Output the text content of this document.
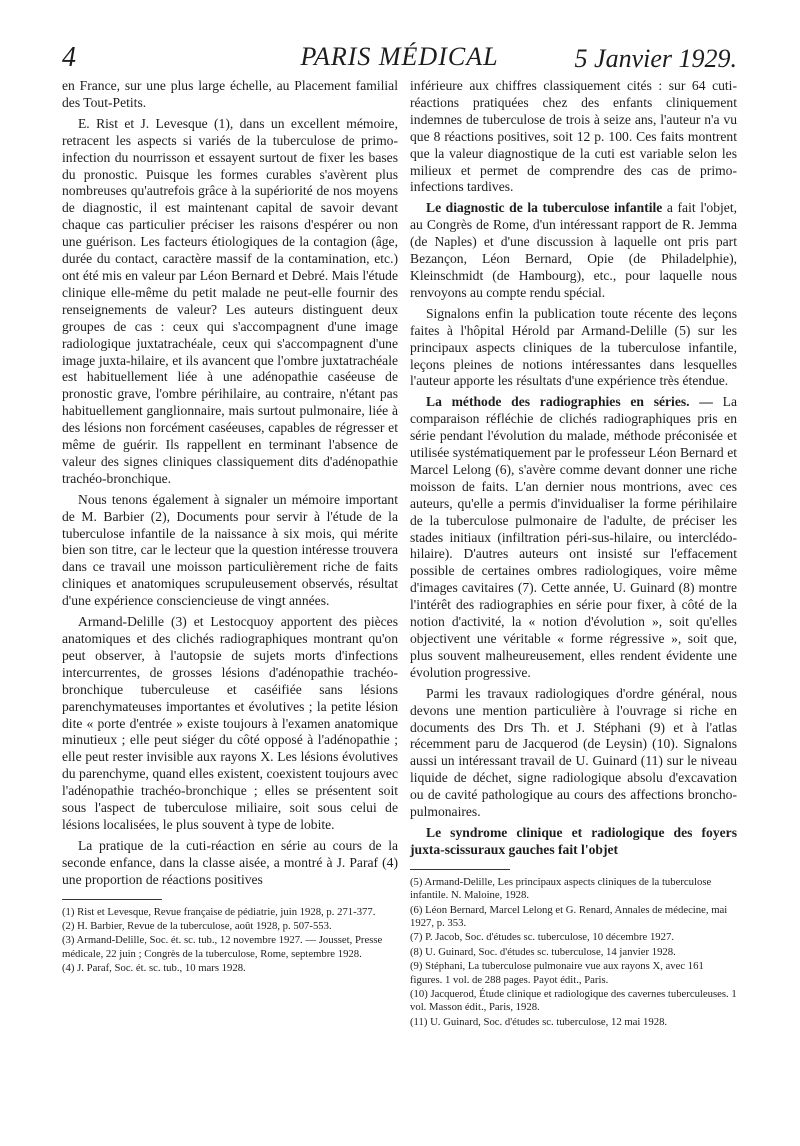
4	PARIS MÉDICAL	5 Janvier 1929.

en France, sur une plus large échelle, au Placement familial des Tout-Petits.

E. Rist et J. Levesque (1), dans un excellent mémoire, retracent les aspects si variés de la tuberculose de primo-infection du nourrisson et essayent surtout de fixer les bases du pronostic. Puisque les formes curables s'avèrent plus nombreuses qu'autrefois grâce à la supériorité de nos moyens de diagnostic, il est maintenant capital de savoir devant chaque cas particulier préciser les raisons d'espérer ou non une guérison. Les facteurs étiologiques de la contagion (âge, durée du contact, caractère massif de la contamination, etc.) ont été mis en valeur par Léon Bernard et Debré. Mais l'étude clinique elle-même du petit malade ne peut-elle fournir des renseignements de valeur? Les auteurs distinguent deux groupes de cas : ceux qui s'accompagnent d'une image radiologique juxtatrachéale, ceux qui s'accompagnent d'une image juxta-hilaire, et ils avancent que l'ombre juxtatrachéale est habituellement liée à une adénopathie caséeuse de pronostic grave, l'ombre périhilaire, au contraire, n'étant pas habituellement ganglionnaire, mais surtout pulmonaire, liée à des lésions non forcément caséeuses, capables de régresser et même de guérir. Ils rappellent en terminant l'absence de valeur des signes cliniques classiquement dits d'adénopathie trachéo-bronchique.

Nous tenons également à signaler un mémoire important de M. Barbier (2), Documents pour servir à l'étude de la tuberculose infantile de la naissance à six mois, qui mérite bien son titre, car le lecteur que la question intéresse trouvera dans ce travail une moisson particulièrement riche de faits cliniques et anatomiques scrupuleusement observés, résultat d'une expérience consciencieuse de vingt années.

Armand-Delille (3) et Lestocquoy apportent des pièces anatomiques et des clichés radiographiques montrant qu'on peut observer, à l'autopsie de sujets morts d'infections intercurrentes, de grosses lésions d'adénopathie trachéo-bronchique tuberculeuse et caséifiée sans lésions parenchymateuses importantes et évolutives ; la petite lésion dite « porte d'entrée » existe toujours à l'examen anatomique minutieux ; elle peut siéger du côté opposé à l'adénopathie ; elle peut rester invisible aux rayons X. Les lésions évolutives du parenchyme, quand elles existent, coexistent toujours avec l'adénopathie trachéo-bronchique ; elles se présentent soit sous l'aspect de tuberculose miliaire, soit sous celui de lésions localisées, le plus souvent à type de lobite.

La pratique de la cuti-réaction en série au cours de la seconde enfance, dans la classe aisée, a montré à J. Paraf (4) une proportion de réactions positives

(1) Rist et Levesque, Revue française de pédiatrie, juin 1928, p. 271-377.
(2) H. Barbier, Revue de la tuberculose, août 1928, p. 507-553.
(3) Armand-Delille, Soc. ét. sc. tub., 12 novembre 1927. — Jousset, Presse médicale, 22 juin ; Congrès de la tuberculose, Rome, septembre 1928.
(4) J. Paraf, Soc. ét. sc. tub., 10 mars 1928.

inférieure aux chiffres classiquement cités : sur 64 cuti-réactions pratiquées chez des enfants cliniquement indemnes de tuberculose de trois à seize ans, l'auteur n'a vu que 8 réactions positives, soit 12 p. 100. Ces faits montrent que la valeur diagnostique de la cuti est variable selon les milieux et permet de comprendre des cas de primo-infections tardives.

Le diagnostic de la tuberculose infantile a fait l'objet, au Congrès de Rome, d'un intéressant rapport de R. Jemma (de Naples) et d'une discussion à laquelle ont pris part Bezançon, Léon Bernard, Opie (de Philadelphie), Kleinschmidt (de Hambourg), etc., pour laquelle nous renvoyons au compte rendu spécial.

Signalons enfin la publication toute récente des leçons faites à l'hôpital Hérold par Armand-Delille (5) sur les principaux aspects cliniques de la tuberculose infantile, leçons pleines de notions intéressantes dans lesquelles l'auteur apporte les résultats d'une expérience très étendue.

La méthode des radiographies en séries. — La comparaison réfléchie de clichés radiographiques pris en série pendant l'évolution du malade, méthode préconisée et utilisée systématiquement par le professeur Léon Bernard et Marcel Lelong (6), s'avère comme devant donner une riche moisson de faits. L'an dernier nous montrions, avec ces auteurs, qu'elle a permis d'invidualiser la forme périhilaire de la tuberculose pulmonaire de l'adulte, de préciser les stades initiaux (infiltration péri-sus-hilaire, ou interclédo-hilaire). D'autres auteurs ont insisté sur l'effacement possible de certaines ombres radiologiques, voire même d'images cavitaires (7). Cette année, U. Guinard (8) montre l'intérêt des radiographies en série pour fixer, à côté de la notion d'activité, la « notion d'évolution », soit qu'elles objectivent une véritable « forme régressive », soit que, plus souvent malheureusement, elles rendent évidente une évolution progressive.

Parmi les travaux radiologiques d'ordre général, nous devons une mention particulière à l'ouvrage si riche en documents des Drs Th. et J. Stéphani (9) et à l'atlas récemment paru de Jacquerod (de Leysin) (10). Signalons aussi un intéressant travail de U. Guinard (11) sur le niveau liquide de déchet, signe radiologique absolu d'excavation ou de cavité pathologique au cours des affections broncho-pulmonaires.

Le syndrome clinique et radiologique des foyers juxta-scissuraux gauches fait l'objet

(5) Armand-Delille, Les principaux aspects cliniques de la tuberculose infantile. N. Maloine, 1928.
(6) Léon Bernard, Marcel Lelong et G. Renard, Annales de médecine, mai 1927, p. 353.
(7) P. Jacob, Soc. d'études sc. tuberculose, 10 décembre 1927.
(8) U. Guinard, Soc. d'études sc. tuberculose, 14 janvier 1928.
(9) Stéphani, La tuberculose pulmonaire vue aux rayons X, avec 161 figures. 1 vol. de 288 pages. Payot édit., Paris.
(10) Jacquerod, Étude clinique et radiologique des cavernes tuberculeuses. 1 vol. Masson édit., Paris, 1928.
(11) U. Guinard, Soc. d'études sc. tuberculose, 12 mai 1928.
